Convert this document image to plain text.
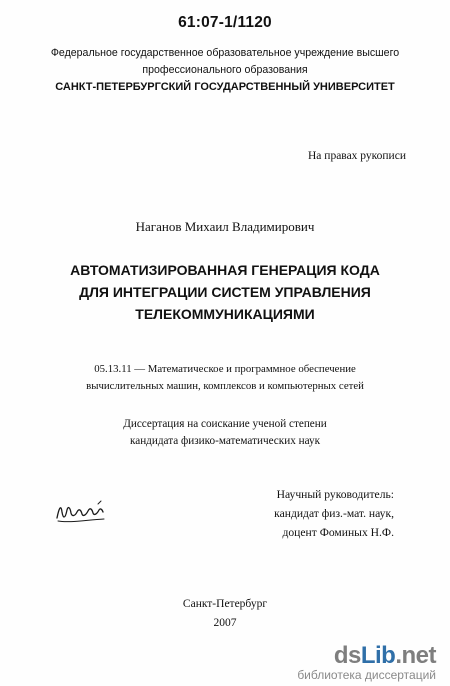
61:07-1/1120
Федеральное государственное образовательное учреждение высшего
профессионального образования
САНКТ-ПЕТЕРБУРГСКИЙ ГОСУДАРСТВЕННЫЙ УНИВЕРСИТЕТ
На правах рукописи
Наганов Михаил Владимирович
АВТОМАТИЗИРОВАННАЯ ГЕНЕРАЦИЯ КОДА
ДЛЯ ИНТЕГРАЦИИ СИСТЕМ УПРАВЛЕНИЯ
ТЕЛЕКОММУНИКАЦИЯМИ
05.13.11 — Математическое и программное обеспечение
вычислительных машин, комплексов и компьютерных сетей
Диссертация на соискание ученой степени
кандидата физико-математических наук
Научный руководитель:
кандидат физ.-мат. наук,
доцент Фоминых Н.Ф.
Санкт-Петербург
2007
dsLib.net
библиотека диссертаций
